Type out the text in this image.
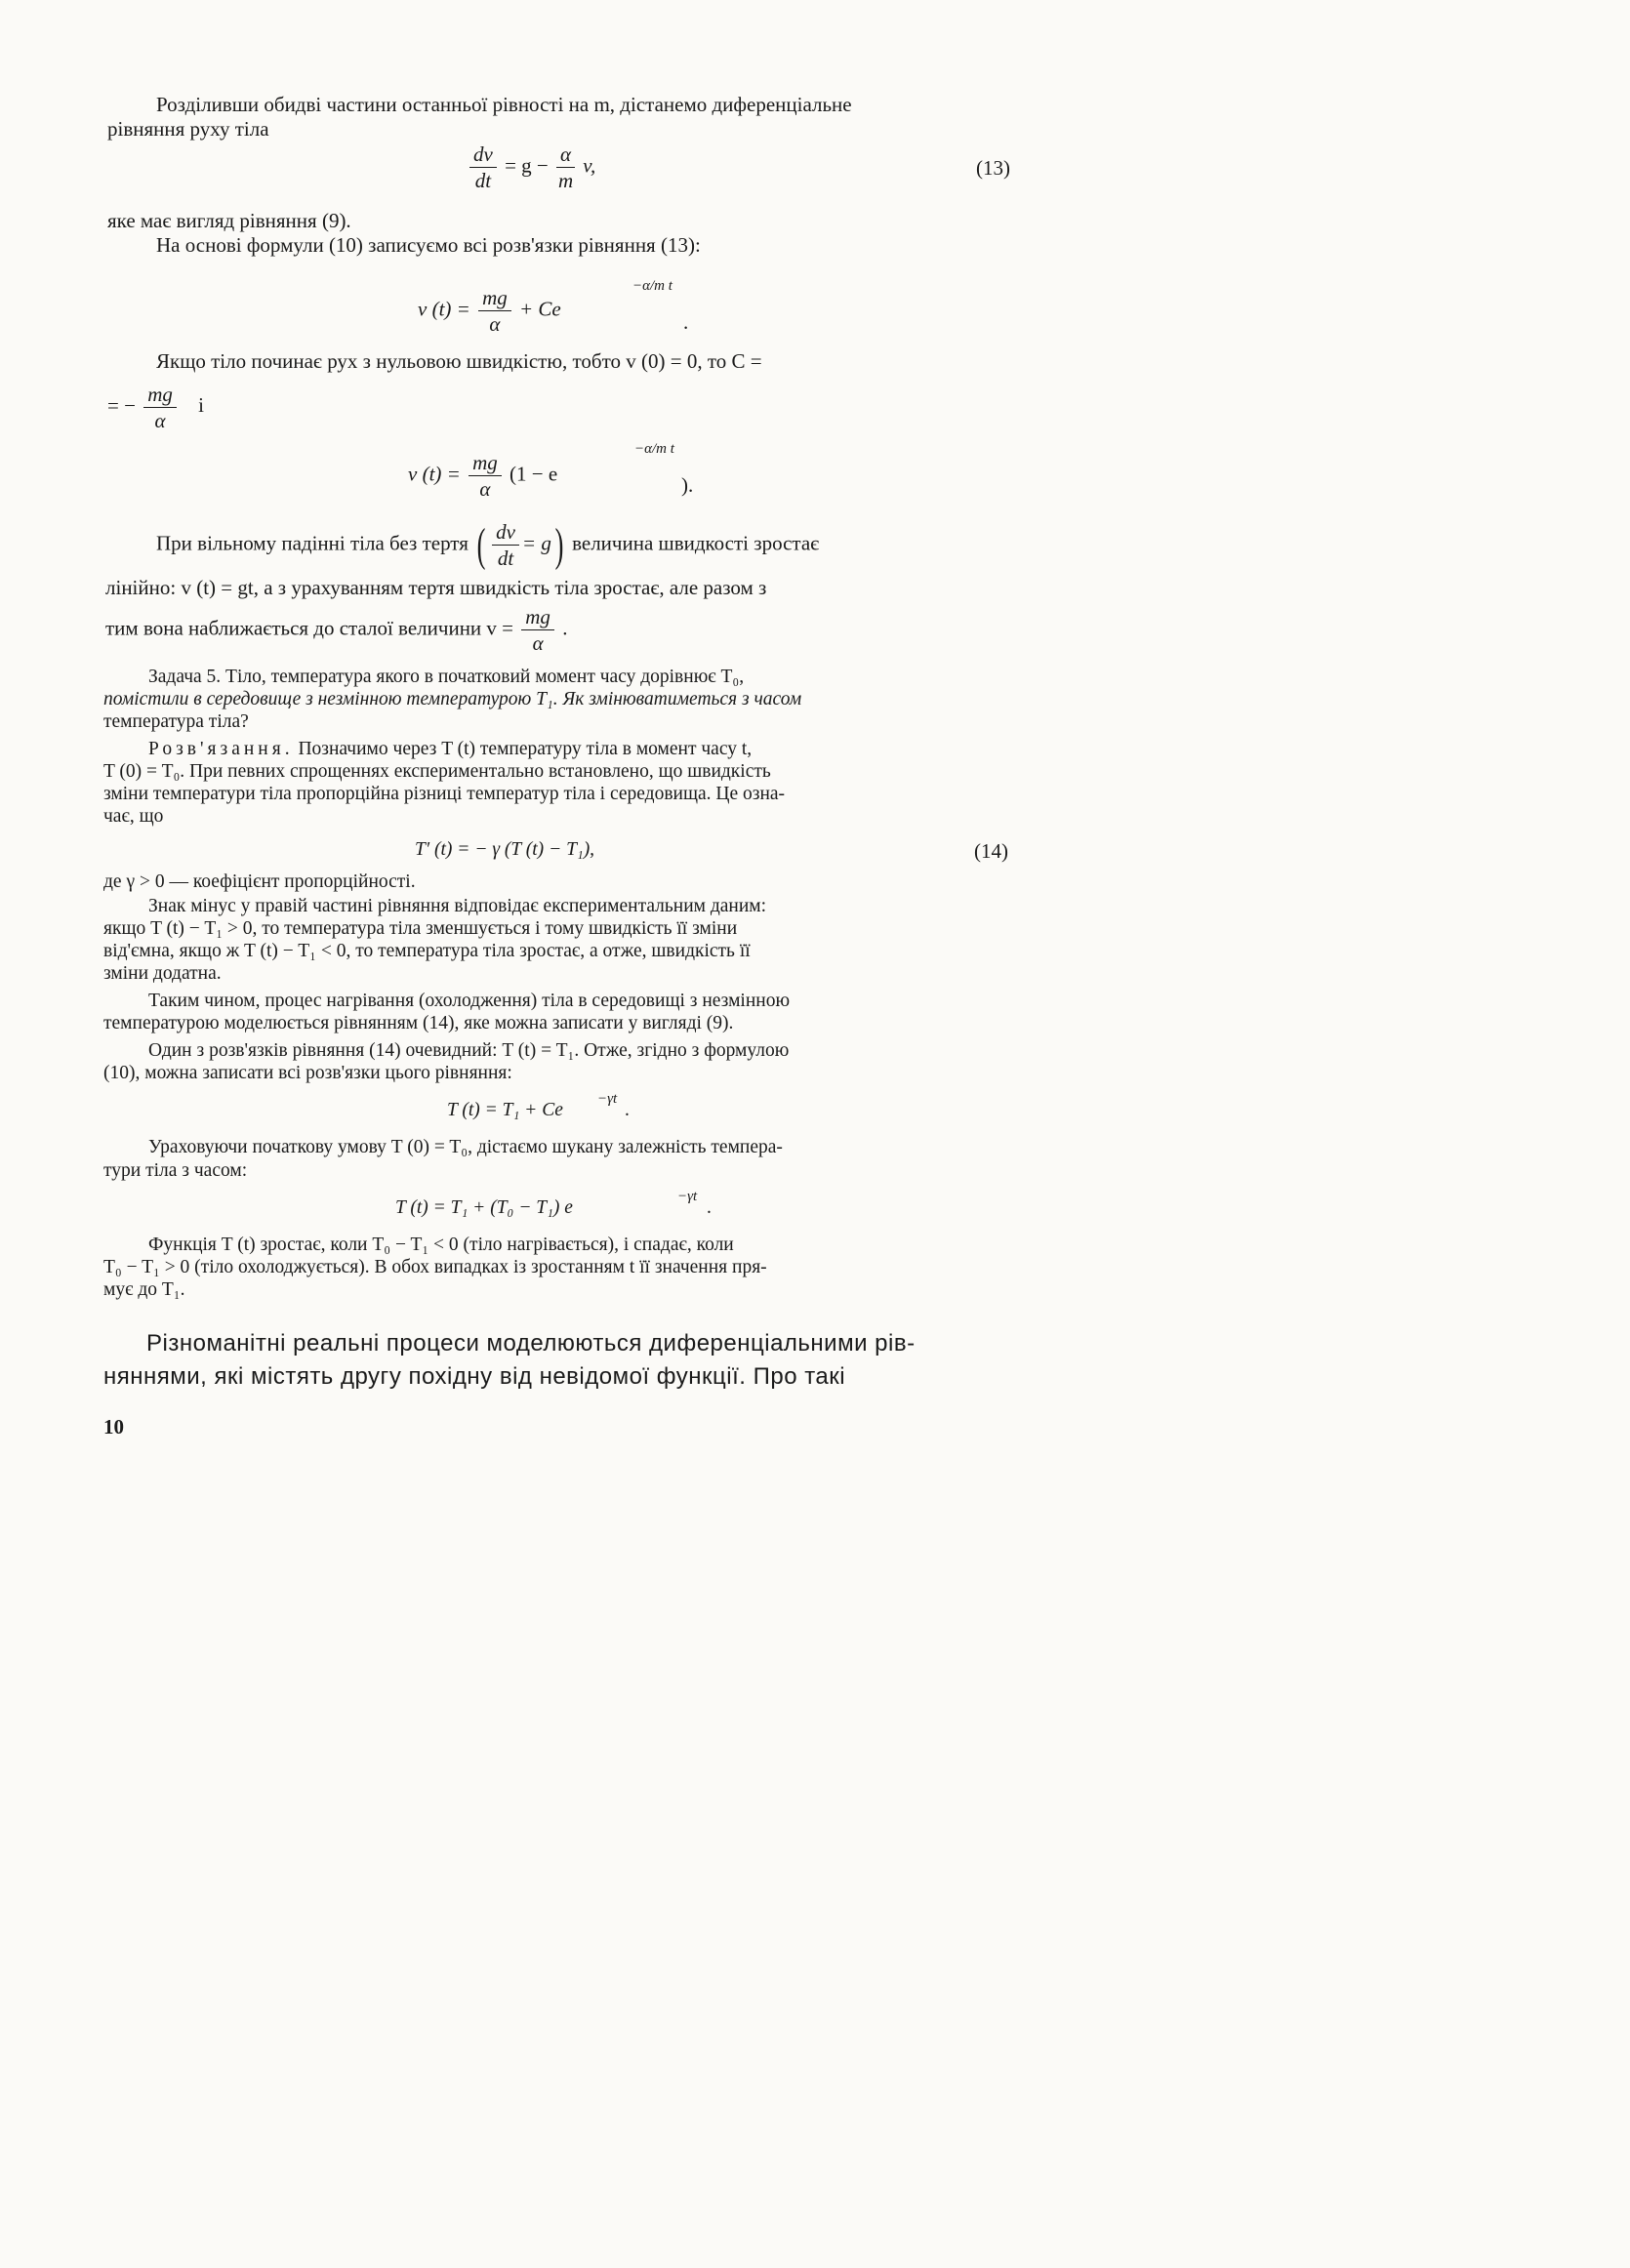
Розділивши обидві частини останньої рівності на m, дістанемо диференціальне
рівняння руху тіла
$\frac{dv}{dt} = g - \frac{\alpha}{m} v$,	(13)
яке має вигляд рівняння (9).
На основі формули (10) записуємо всі розв'язки рівняння (13):
v $(t) = \frac{mg}{\alpha} + Ce$
−α/m t
.
Якщо тіло починає рух з нульовою швидкістю, тобто v (0) = 0, то C =
= − $\frac{mg}{\alpha}$ і
v $(t) = \frac{mg}{\alpha} (1 - e$
−α/m t
).
При вільному падінні тіла без тертя ( $\frac{dv}{dt} = g$) величина швидкості зростає
лінійно: v (t) = gt, а з урахуванням тертя швидкість тіла зростає, але разом з
тим вона наближається до сталої величини $v = \frac{mg}{\alpha}$ .
Задача 5. Тіло, температура якого в початковий момент часу дорівнює T₀,
помістили в середовище з незмінною температурою T₁. Як змінюватиметься з часом
температура тіла?
Розв'язання. Позначимо через T (t) температуру тіла в момент часу t,
T (0) = T₀. При певних спрощеннях експериментально встановлено, що швидкість
зміни температури тіла пропорційна різниці температур тіла і середовища. Це озна-
чає, що
T′ (t) = − γ (T (t) − T₁),	(14)
де γ > 0 — коефіцієнт пропорційності.
Знак мінус у правій частині рівняння відповідає експериментальним даним:
якщо T (t) − T₁ > 0, то температура тіла зменшується і тому швидкість її зміни
від'ємна, якщо ж T (t) − T₁ < 0, то температура тіла зростає, а отже, швидкість її
зміни додатна.
Таким чином, процес нагрівання (охолодження) тіла в середовищі з незмінною
температурою моделюється рівнянням (14), яке можна записати у вигляді (9).
Один з розв'язків рівняння (14) очевидний: T (t) = T₁. Отже, згідно з формулою
(10), можна записати всі розв'язки цього рівняння:
T (t) = T₁ + Ce
−γt
.
Ураховуючи початкову умову T (0) = T₀, дістаємо шукану залежність темпера-
тури тіла з часом:
T (t) = T₁ + (T₀ − T₁) e
−γt
.
Функція T (t) зростає, коли T₀ − T₁ < 0 (тіло нагрівається), і спадає, коли
T₀ − T₁ > 0 (тіло охолоджується). В обох випадках із зростанням t її значення пря-
мує до T₁.
Різноманітні реальні процеси моделюються диференціальними рів-
няннями, які містять другу похідну від невідомої функції. Про такі
10
